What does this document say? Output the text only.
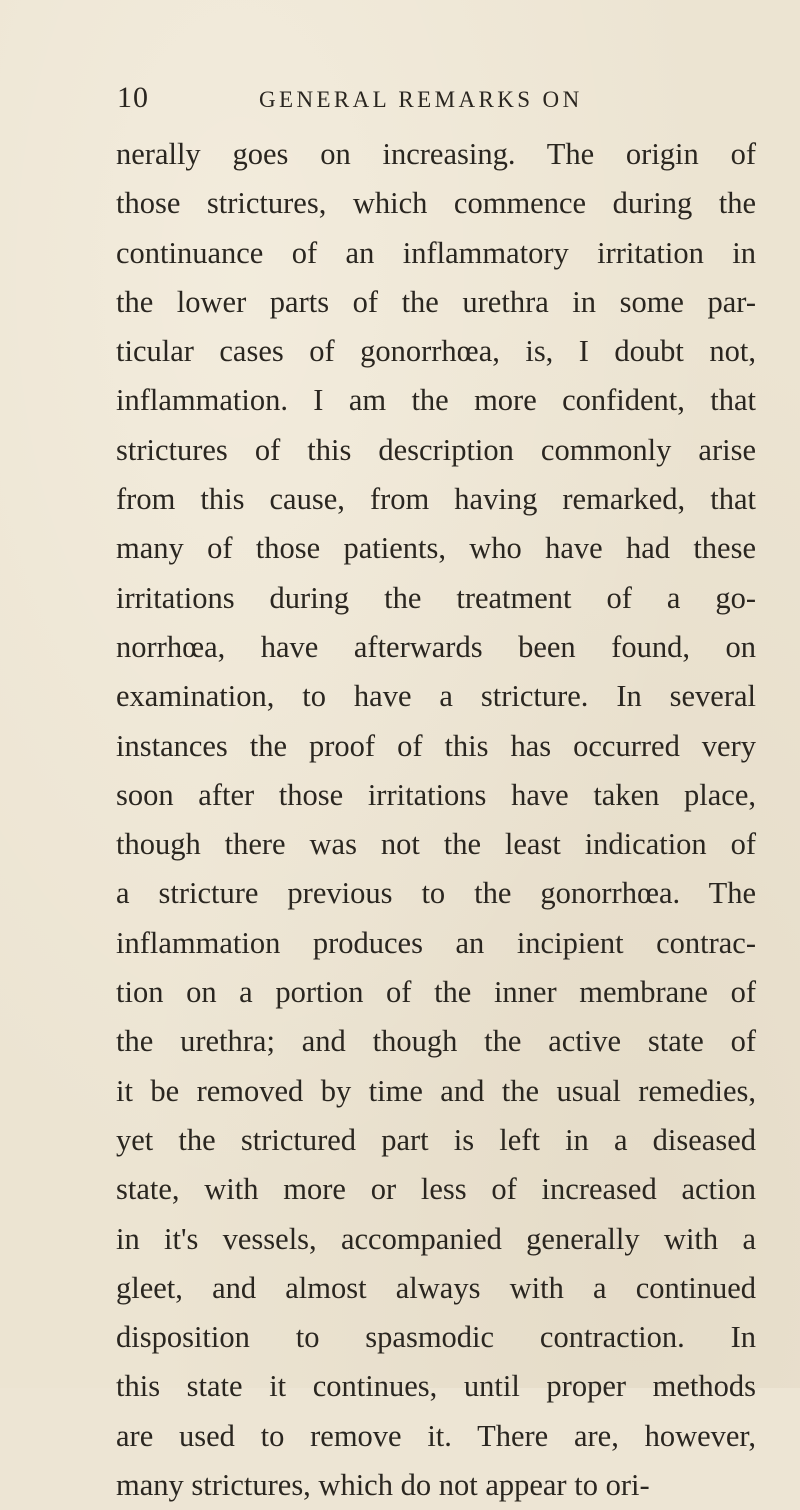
10	GENERAL REMARKS ON
nerally goes on increasing. The origin of
those strictures, which commence during the
continuance of an inflammatory irritation in
the lower parts of the urethra in some par-
ticular cases of gonorrhœa, is, I doubt not,
inflammation. I am the more confident, that
strictures of this description commonly arise
from this cause, from having remarked, that
many of those patients, who have had these
irritations during the treatment of a go-
norrhœa, have afterwards been found, on
examination, to have a stricture. In several
instances the proof of this has occurred very
soon after those irritations have taken place,
though there was not the least indication of
a stricture previous to the gonorrhœa. The
inflammation produces an incipient contrac-
tion on a portion of the inner membrane of
the urethra; and though the active state of
it be removed by time and the usual remedies,
yet the strictured part is left in a diseased
state, with more or less of increased action
in it's vessels, accompanied generally with a
gleet, and almost always with a continued
disposition to spasmodic contraction. In
this state it continues, until proper methods
are used to remove it. There are, however,
many strictures, which do not appear to ori-
